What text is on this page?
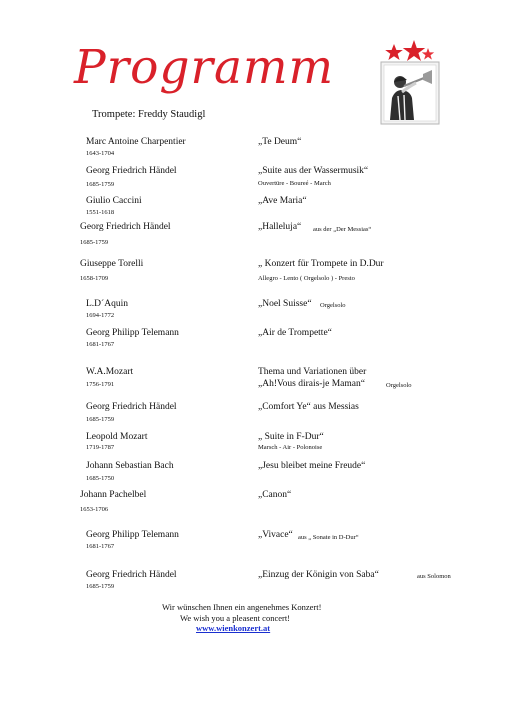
Programm
Trompete: Freddy Staudigl
Marc Antoine Charpentier
1643-1704
„Te Deum“
Georg Friedrich Händel
1685-1759
„Suite aus der Wassermusik“
Ouvertüre - Boureé - March
Giulio Caccini
1551-1618
„Ave Maria“
Georg Friedrich Händel
1685-1759
„Halleluja“ aus der „Der Messias“
Giuseppe Torelli
1658-1709
„ Konzert für Trompete in D.Dur
Allegro - Lento ( Orgelsolo ) - Presto
L.D´Aquin
1694-1772
„Noel Suisse“ Orgelsolo
Georg Philipp Telemann
1681-1767
„Air de Trompette“
W.A.Mozart
1756-1791
Thema und Variationen über
„Ah!Vous dirais-je Maman“	Orgelsolo
Georg Friedrich Händel
1685-1759
„Comfort Ye“ aus Messias
Leopold Mozart
1719-1787
„ Suite in F-Dur“
Marsch - Air - Polonoise
Johann Sebastian Bach
1685-1750
„Jesu bleibet meine Freude“
Johann Pachelbel
1653-1706
„Canon“
Georg Philipp Telemann
1681-1767
„Vivace“ aus „ Sonate in D-Dur“
Georg Friedrich Händel
1685-1759
„Einzug der Königin von Saba“	aus Solomon
Wir wünschen Ihnen ein angenehmes Konzert!
We wish you a pleasent concert!
www.wienkonzert.at
